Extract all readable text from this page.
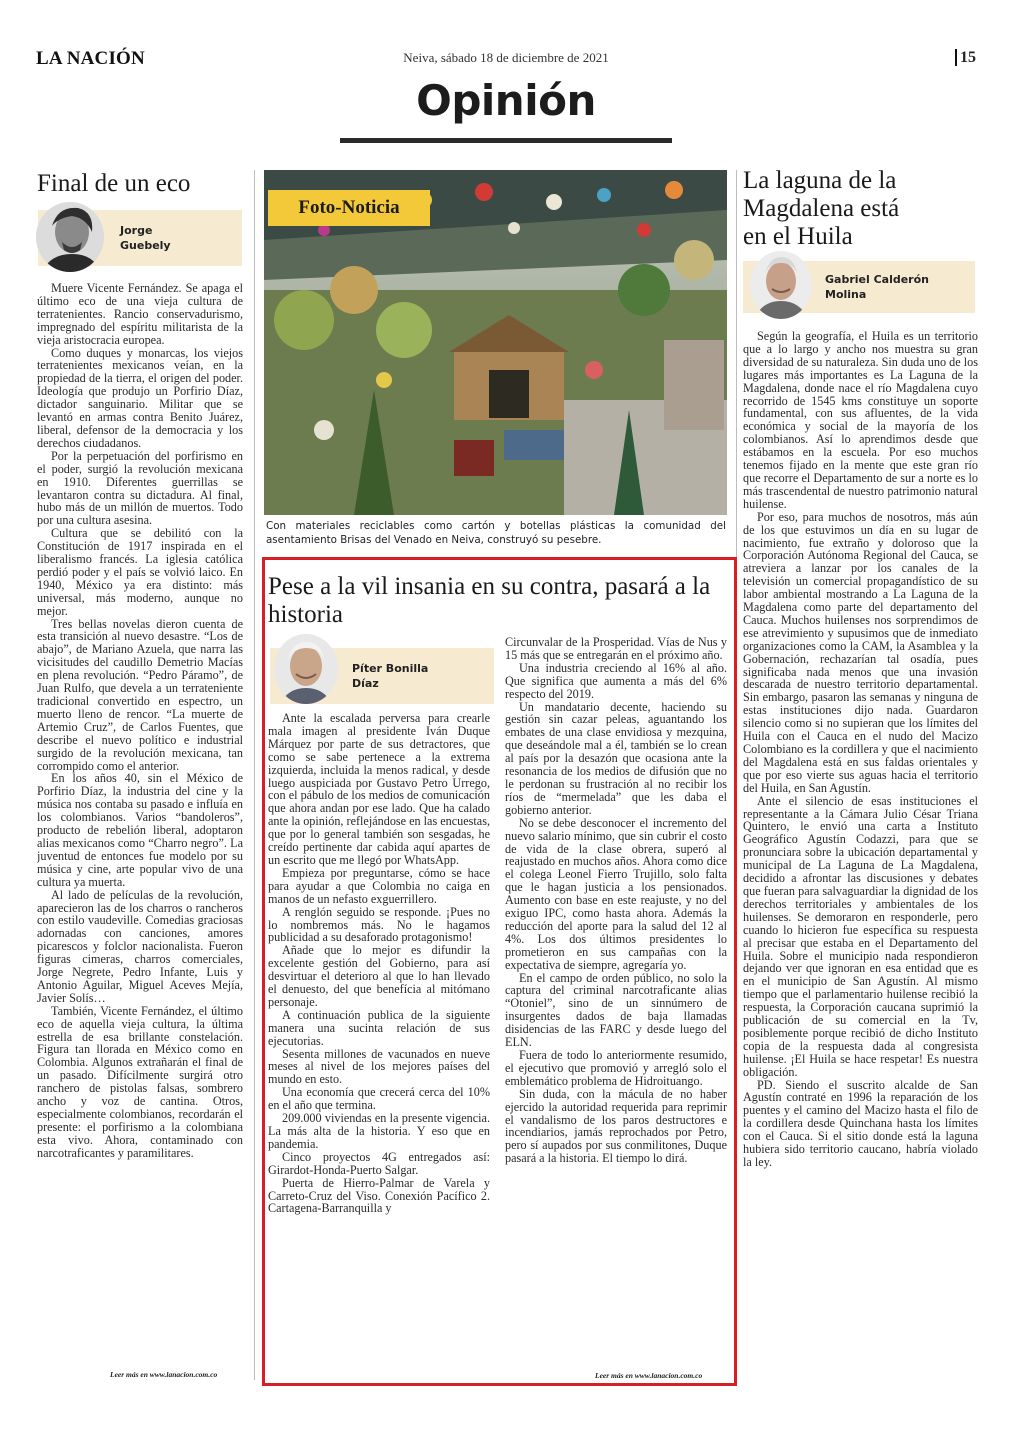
LA NACIÓN	Neiva, sábado 18 de diciembre de 2021	15
Opinión
Final de un eco
Jorge Guebely

Muere Vicente Fernández. Se apaga el último eco de una vieja cultura de terratenientes. Rancio conservadurismo, impregnado del espíritu militarista de la vieja aristocracia europea.

Como duques y monarcas, los viejos terratenientes mexicanos veían, en la propiedad de la tierra, el origen del poder. Ideología que produjo un Porfirio Díaz, dictador sanguinario. Militar que se levantó en armas contra Benito Juárez, liberal, defensor de la democracia y los derechos ciudadanos.

Por la perpetuación del porfirismo en el poder, surgió la revolución mexicana en 1910. Diferentes guerrillas se levantaron contra su dictadura. Al final, hubo más de un millón de muertos. Todo por una cultura asesina.

Cultura que se debilitó con la Constitución de 1917 inspirada en el liberalismo francés. La iglesia católica perdió poder y el país se volvió laico. En 1940, México ya era distinto: más universal, más moderno, aunque no mejor.

Tres bellas novelas dieron cuenta de esta transición al nuevo desastre. “Los de abajo”, de Mariano Azuela, que narra las vicisitudes del caudillo Demetrio Macías en plena revolución. “Pedro Páramo”, de Juan Rulfo, que devela a un terrateniente tradicional convertido en espectro, un muerto lleno de rencor. “La muerte de Artemio Cruz”, de Carlos Fuentes, que describe el nuevo político e industrial surgido de la revolución mexicana, tan corrompido como el anterior.

En los años 40, sin el México de Porfirio Díaz, la industria del cine y la música nos contaba su pasado e influía en los colombianos. Varios “bandoleros”, producto de rebelión liberal, adoptaron alias mexicanos como “Charro negro”. La juventud de entonces fue modelo por su música y cine, arte popular vivo de una cultura ya muerta.

Al lado de películas de la revolución, aparecieron las de los charros o rancheros con estilo vaudeville. Comedias graciosas adornadas con canciones, amores picarescos y folclor nacionalista. Fueron figuras cimeras, charros comerciales, Jorge Negrete, Pedro Infante, Luis y Antonio Aguilar, Miguel Aceves Mejía, Javier Solís…

También, Vicente Fernández, el último eco de aquella vieja cultura, la última estrella de esa brillante constelación. Figura tan llorada en México como en Colombia. Algunos extrañarán el final de un pasado. Difícilmente surgirá otro ranchero de pistolas falsas, sombrero ancho y voz de cantina. Otros, especialmente colombianos, recordarán el presente: el porfirismo a la colombiana esta vivo. Ahora, contaminado con narcotraficantes y paramilitares.

Leer más en www.lanacion.com.co
Foto-Noticia
Con materiales reciclables como cartón y botellas plásticas la comunidad del asentamiento Brisas del Venado en Neiva, construyó su pesebre.
Pese a la vil insania en su contra, pasará a la historia
Píter Bonilla Díaz

Ante la escalada perversa para crearle mala imagen al presidente Iván Duque Márquez por parte de sus detractores, que como se sabe pertenece a la extrema izquierda, incluida la menos radical, y desde luego auspiciada por Gustavo Petro Urrego, con el pábulo de los medios de comunicación que ahora andan por ese lado. Que ha calado ante la opinión, reflejándose en las encuestas, que por lo general también son sesgadas, he creído pertinente dar cabida aquí apartes de un escrito que me llegó por WhatsApp.

Empieza por preguntarse, cómo se hace para ayudar a que Colombia no caiga en manos de un nefasto exguerrillero.

A renglón seguido se responde. ¡Pues no lo nombremos más. No le hagamos publicidad a su desaforado protagonismo!

Añade que lo mejor es difundir la excelente gestión del Gobierno, para así desvirtuar el deterioro al que lo han llevado el denuesto, del que benefícia al mitómano personaje.

A continuación publica de la siguiente manera una sucinta relación de sus ejecutorias.

Sesenta millones de vacunados en nueve meses al nivel de los mejores países del mundo en esto.

Una economía que crecerá cerca del 10% en el año que termina.

209.000 viviendas en la presente vigencia. La más alta de la historia. Y eso que en pandemia.

Cinco proyectos 4G entregados así: Girardot-Honda-Puerto Salgar.

Puerta de Hierro-Palmar de Varela y Carreto-Cruz del Viso. Conexión Pacífico 2. Cartagena-Barranquilla y

Circunvalar de la Prosperidad. Vías de Nus y 15 más que se entregarán en el próximo año.

Una industria creciendo al 16% al año. Que significa que aumenta a más del 6% respecto del 2019.

Un mandatario decente, haciendo su gestión sin cazar peleas, aguantando los embates de una clase envidiosa y mezquina, que deseándole mal a él, también se lo crean al país por la desazón que ocasiona ante la resonancia de los medios de difusión que no le perdonan su frustración al no recibir los ríos de “mermelada” que les daba el gobierno anterior.

No se debe desconocer el incremento del nuevo salario mínimo, que sin cubrir el costo de vida de la clase obrera, superó al reajustado en muchos años. Ahora como dice el colega Leonel Fierro Trujillo, solo falta que le hagan justicia a los pensionados. Aumento con base en este reajuste, y no del exiguo IPC, como hasta ahora. Además la reducción del aporte para la salud del 12 al 4%. Los dos últimos presidentes lo prometieron en sus campañas con la expectativa de siempre, agregaría yo.

En el campo de orden público, no solo la captura del criminal narcotraficante alias “Otoniel”, sino de un sinnúmero de insurgentes dados de baja llamadas disidencias de las FARC y desde luego del ELN.

Fuera de todo lo anteriormente resumido, el ejecutivo que promovió y arregló solo el emblemático problema de Hidroituango.

Sin duda, con la mácula de no haber ejercido la autoridad requerida para reprimir el vandalismo de los paros destructores e incendiarios, jamás reprochados por Petro, pero sí aupados por sus conmilitones, Duque pasará a la historia. El tiempo lo dirá.

Leer más en www.lanacion.com.co
La laguna de la
Magdalena está
en el Huila
Gabriel Calderón Molina

Según la geografía, el Huila es un territorio que a lo largo y ancho nos muestra su gran diversidad de su naturaleza. Sin duda uno de los lugares más importantes es La Laguna de la Magdalena, donde nace el río Magdalena cuyo recorrido de 1545 kms constituye un soporte fundamental, con sus afluentes, de la vida económica y social de la mayoría de los colombianos. Así lo aprendimos desde que estábamos en la escuela. Por eso muchos tenemos fijado en la mente que este gran río que recorre el Departamento de sur a norte es lo más trascendental de nuestro patrimonio natural huilense.

Por eso, para muchos de nosotros, más aún de los que estuvimos un día en su lugar de nacimiento, fue extraño y doloroso que la Corporación Autónoma Regional del Cauca, se atreviera a lanzar por los canales de la televisión un comercial propagandístico de su labor ambiental mostrando a La Laguna de la Magdalena como parte del departamento del Cauca. Muchos huilenses nos sorprendimos de ese atrevimiento y supusimos que de inmediato organizaciones como la CAM, la Asamblea y la Gobernación, rechazarían tal osadía, pues significaba nada menos que una invasión descarada de nuestro territorio departamental. Sin embargo, pasaron las semanas y ninguna de estas instituciones dijo nada. Guardaron silencio como si no supieran que los límites del Huila con el Cauca en el nudo del Macizo Colombiano es la cordillera y que el nacimiento del Magdalena está en sus faldas orientales y que por eso vierte sus aguas hacia el territorio del Huila, en San Agustín.

Ante el silencio de esas instituciones el representante a la Cámara Julio César Triana Quintero, le envió una carta a Instituto Geográfico Agustín Codazzi, para que se pronunciara sobre la ubicación departamental y municipal de La Laguna de La Magdalena, decidido a afrontar las discusiones y debates que fueran para salvaguardiar la dignidad de los derechos territoriales y ambientales de los huilenses. Se demoraron en responderle, pero cuando lo hicieron fue específica su respuesta al precisar que estaba en el Departamento del Huila. Sobre el municipio nada respondieron dejando ver que ignoran en esa entidad que es en el municipio de San Agustín. Al mismo tiempo que el parlamentario huilense recibió la respuesta, la Corporación caucana suprimió la publicación de su comercial en la Tv, posiblemente porque recibió de dicho Instituto copia de la respuesta dada al congresista huilense. ¡El Huila se hace respetar! Es nuestra obligación.

PD. Siendo el suscrito alcalde de San Agustín contraté en 1996 la reparación de los puentes y el camino del Macizo hasta el filo de la cordillera desde Quinchana hasta los límites con el Cauca. Si el sitio donde está la laguna hubiera sido territorio caucano, habría violado la ley.
